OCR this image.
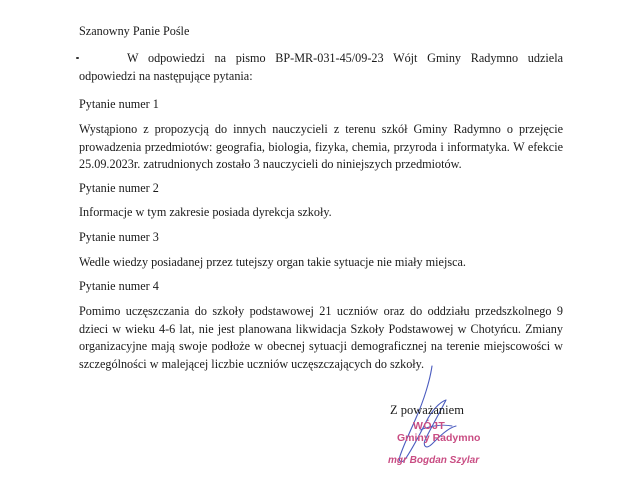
Szanowny Panie Pośle

W odpowiedzi na pismo BP-MR-031-45/09-23 Wójt Gminy Radymno udziela odpowiedzi na następujące pytania:

Pytanie numer 1

Wystąpiono z propozycją do innych nauczycieli z terenu szkół Gminy Radymno o przejęcie prowadzenia przedmiotów: geografia, biologia, fizyka, chemia, przyroda i informatyka. W efekcie 25.09.2023r. zatrudnionych zostało 3 nauczycieli do niniejszych przedmiotów.

Pytanie numer 2

Informacje w tym zakresie posiada dyrekcja szkoły.

Pytanie numer 3

Wedle wiedzy posiadanej przez tutejszy organ takie sytuacje nie miały miejsca.

Pytanie numer 4

Pomimo uczęszczania do szkoły podstawowej 21 uczniów oraz do oddziału przedszkolnego 9 dzieci w wieku 4-6 lat, nie jest planowana likwidacja Szkoły Podstawowej w Chotyńcu. Zmiany organizacyjne mają swoje podłoże w obecnej sytuacji demograficznej na terenie miejscowości w szczególności w malejącej liczbie uczniów uczęszczających do szkoły.

Z poważaniem
WÓJT
Gminy Radymno
mgr Bogdan Szylar
